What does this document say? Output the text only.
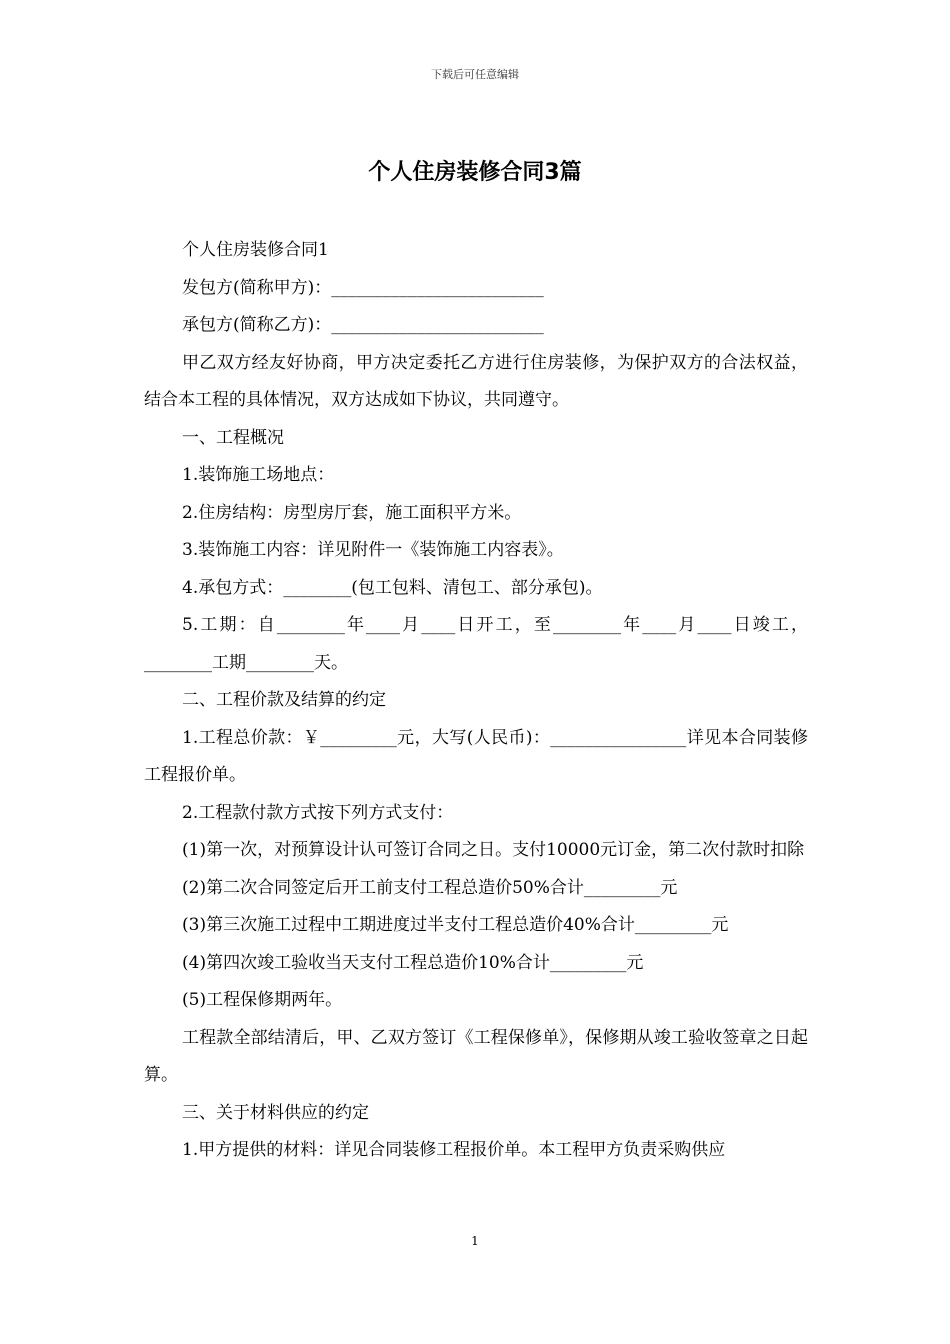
下载后可任意编辑
个人住房装修合同3篇

个人住房装修合同1

发包方(简称甲方)：_________________________

承包方(简称乙方)：_________________________

甲乙双方经友好协商，甲方决定委托乙方进行住房装修，为保护双方的合法权益，结合本工程的具体情况，双方达成如下协议，共同遵守。

一、工程概况

1.装饰施工场地点：

2.住房结构：房型房厅套，施工面积平方米。

3.装饰施工内容：详见附件一《装饰施工内容表》。

4.承包方式：________(包工包料、清包工、部分承包)。

5.工期：自________年____月____日开工，至________年____月____日竣工，________工期________天。

二、工程价款及结算的约定

1.工程总价款：￥_________元，大写(人民币)：________________详见本合同装修工程报价单。

2.工程款付款方式按下列方式支付：

(1)第一次，对预算设计认可签订合同之日。支付10000元订金，第二次付款时扣除

(2)第二次合同签定后开工前支付工程总造价50%合计_________元

(3)第三次施工过程中工期进度过半支付工程总造价40%合计_________元

(4)第四次竣工验收当天支付工程总造价10%合计_________元

(5)工程保修期两年。

工程款全部结清后，甲、乙双方签订《工程保修单》，保修期从竣工验收签章之日起算。

三、关于材料供应的约定

1.甲方提供的材料：详见合同装修工程报价单。本工程甲方负责采购供应

1
